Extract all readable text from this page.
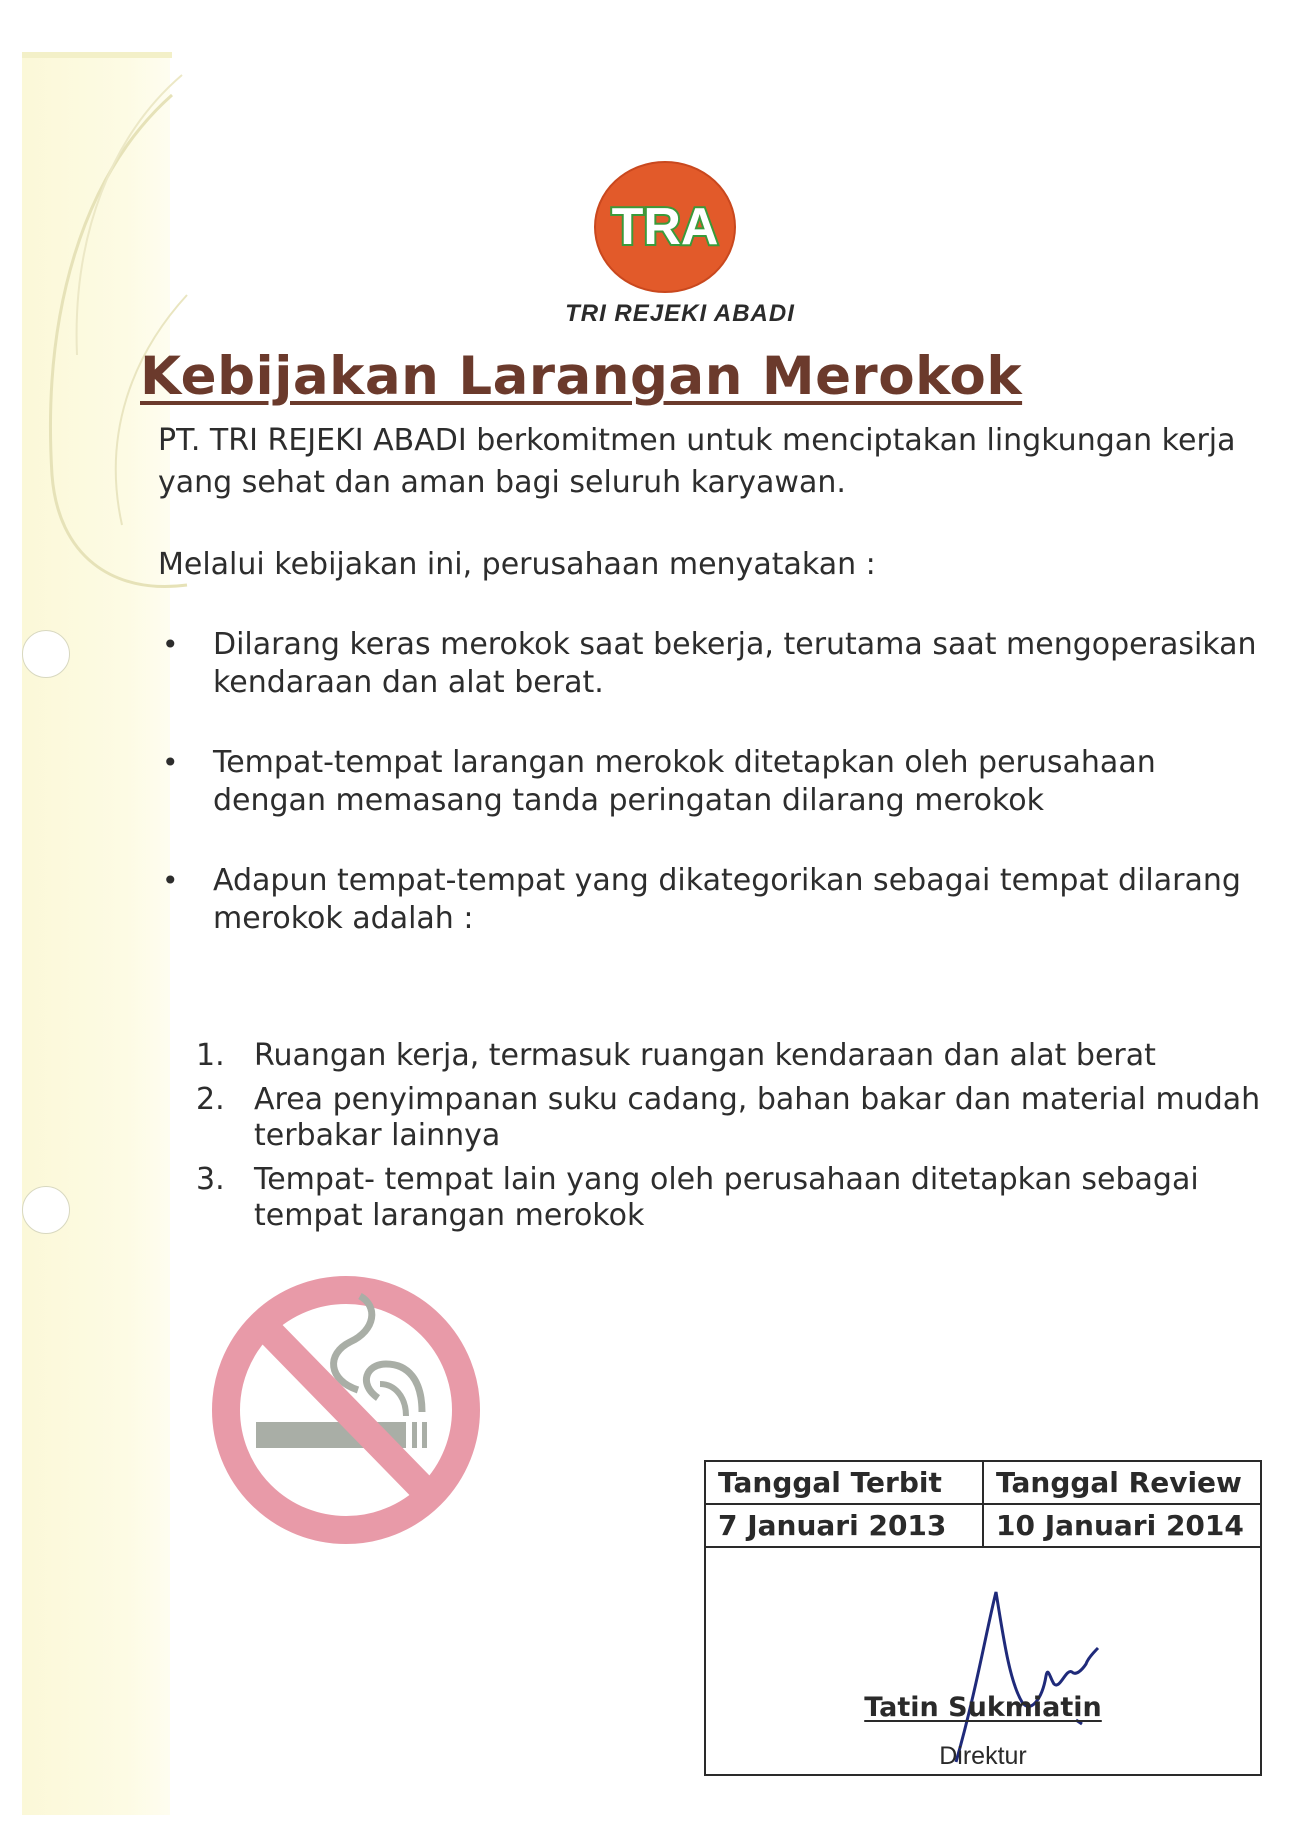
TRA
TRI REJEKI ABADI
Kebijakan Larangan Merokok

PT. TRI REJEKI ABADI berkomitmen untuk menciptakan lingkungan kerja yang sehat dan aman bagi seluruh karyawan.

Melalui kebijakan ini, perusahaan menyatakan :

• Dilarang keras merokok saat bekerja, terutama saat mengoperasikan kendaraan dan alat berat.
• Tempat-tempat larangan merokok ditetapkan oleh perusahaan dengan memasang tanda peringatan dilarang merokok
• Adapun tempat-tempat yang dikategorikan sebagai tempat dilarang merokok adalah :
1. Ruangan kerja, termasuk ruangan kendaraan dan alat berat
2. Area penyimpanan suku cadang, bahan bakar dan material mudah terbakar lainnya
3. Tempat- tempat lain yang oleh perusahaan ditetapkan sebagai tempat larangan merokok
Tanggal Terbit	Tanggal Review
7 Januari 2013	10 Januari 2014
Tatin Sukmiatin
Direktur
